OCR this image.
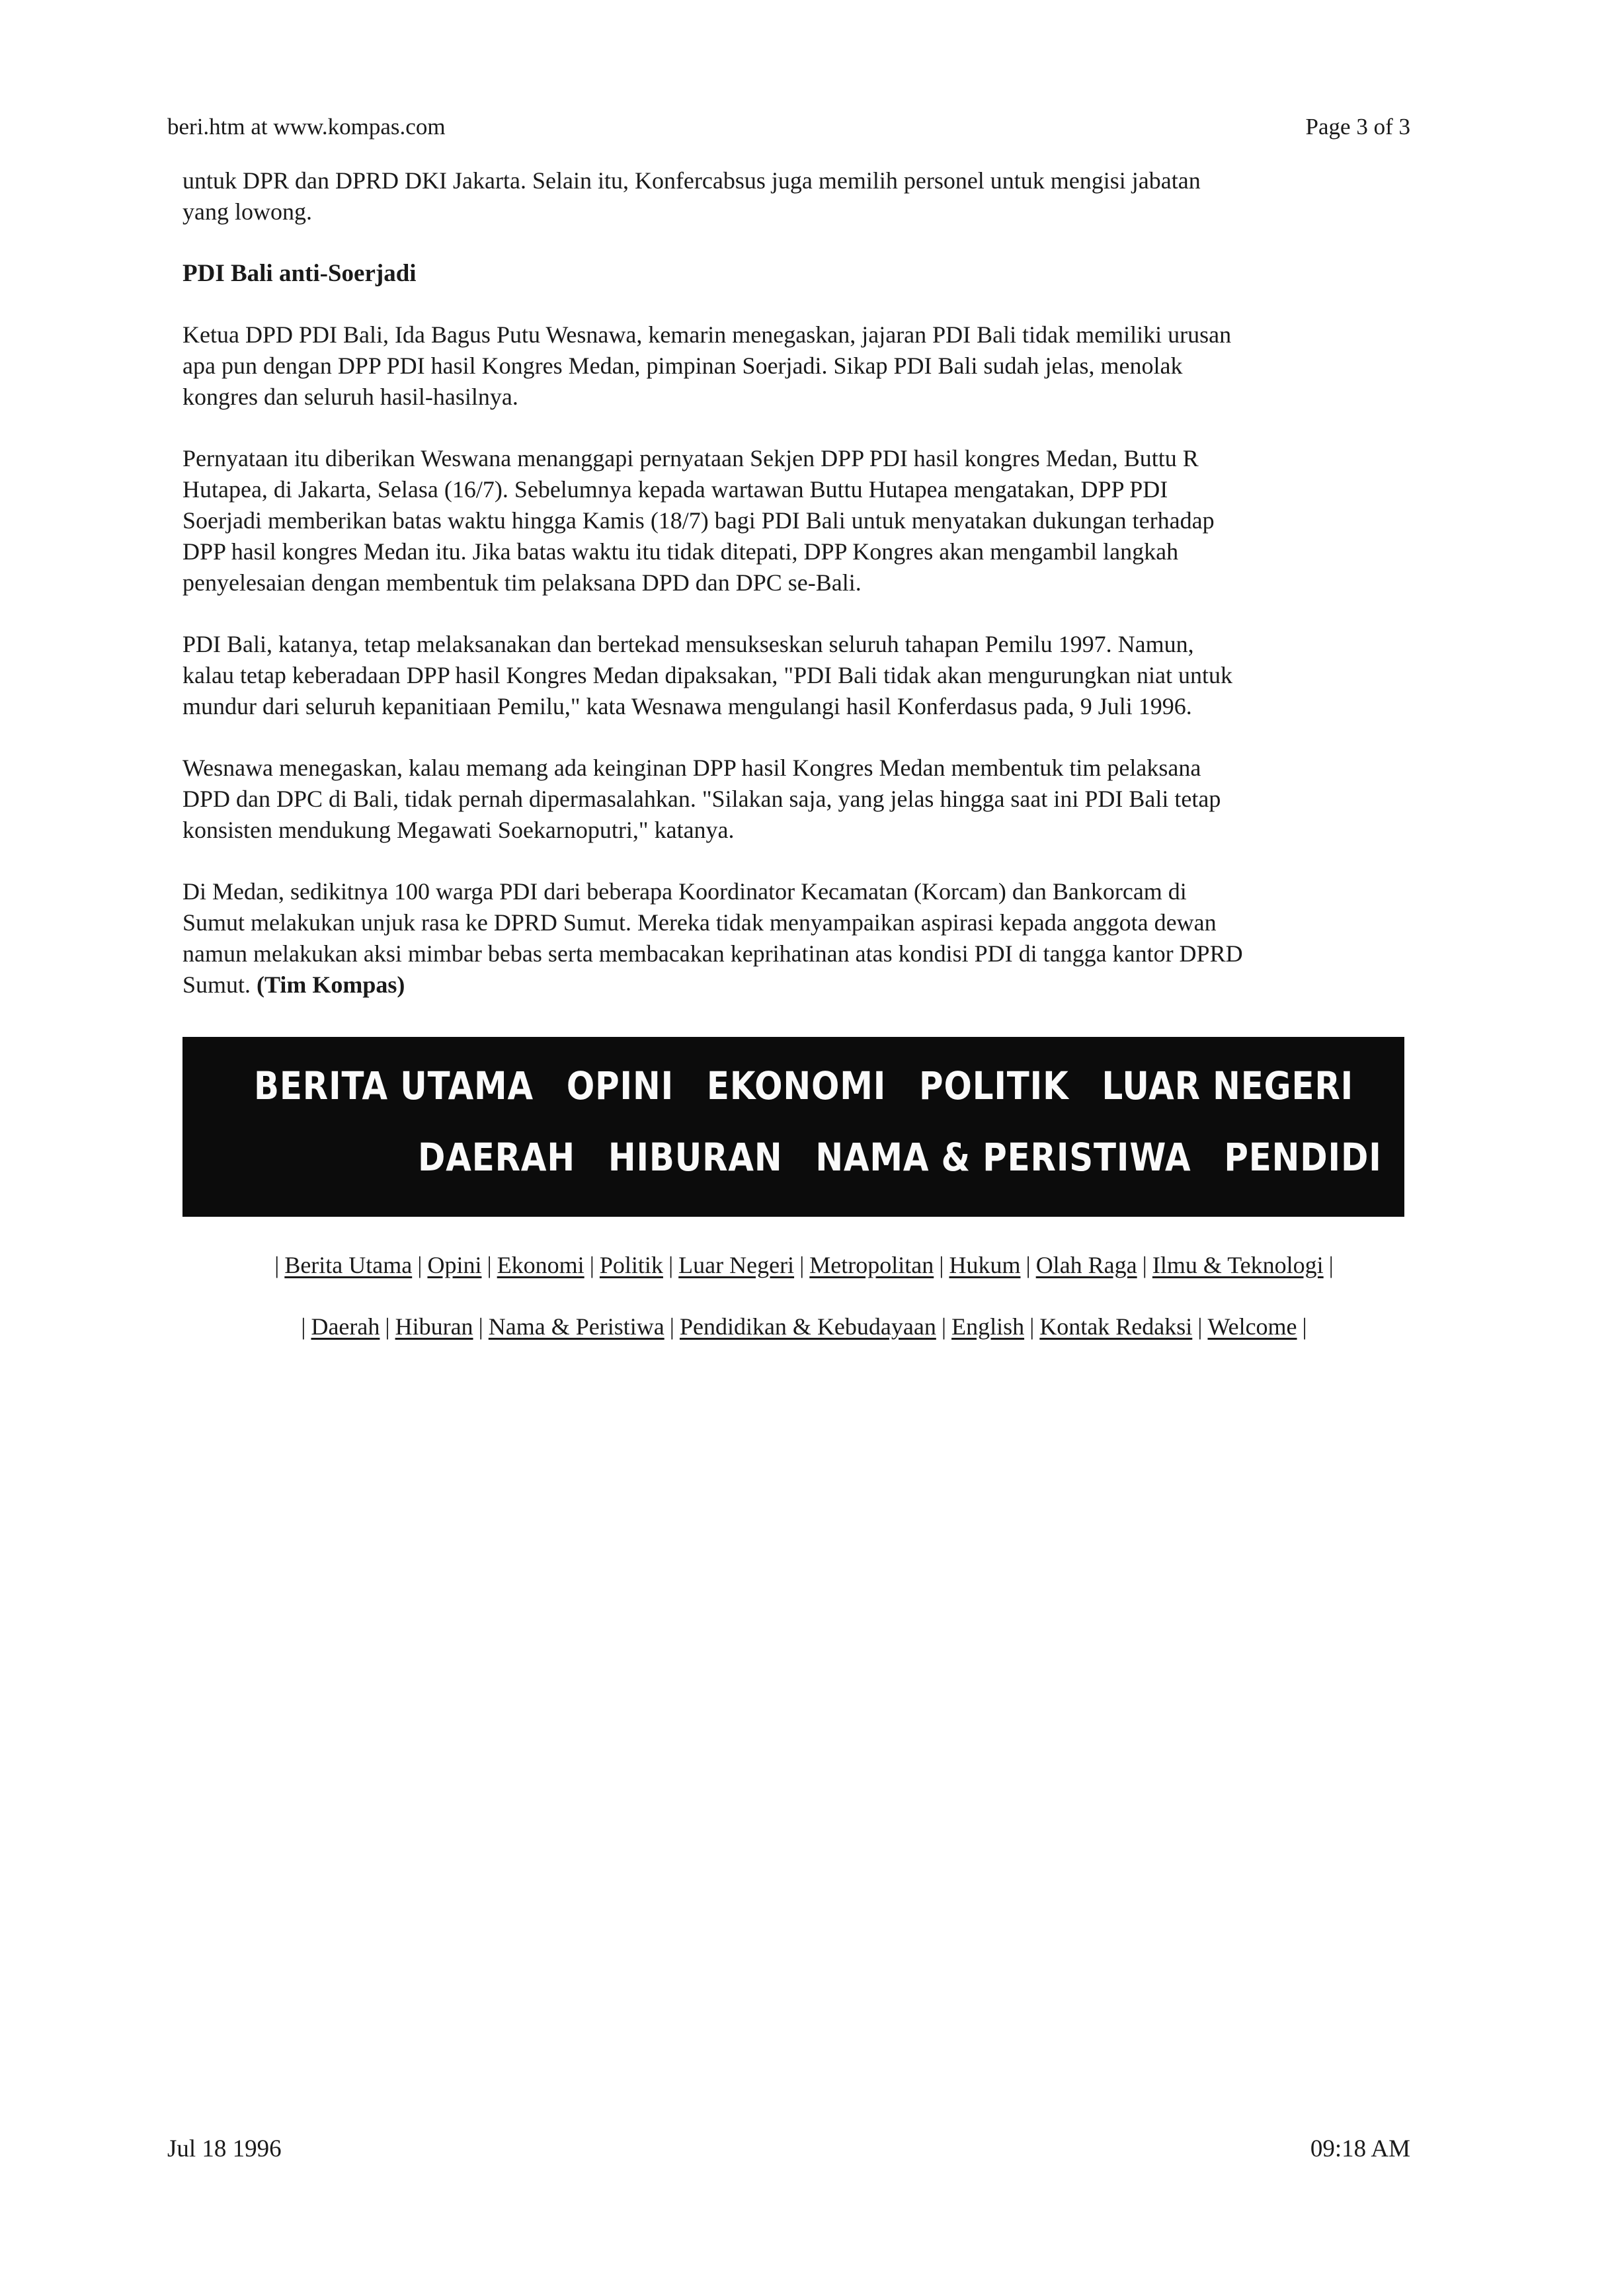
beri.htm at www.kompas.com	Page 3 of 3

untuk DPR dan DPRD DKI Jakarta. Selain itu, Konfercabsus juga memilih personel untuk mengisi jabatan
yang lowong.

PDI Bali anti-Soerjadi

Ketua DPD PDI Bali, Ida Bagus Putu Wesnawa, kemarin menegaskan, jajaran PDI Bali tidak memiliki urusan
apa pun dengan DPP PDI hasil Kongres Medan, pimpinan Soerjadi. Sikap PDI Bali sudah jelas, menolak
kongres dan seluruh hasil-hasilnya.

Pernyataan itu diberikan Weswana menanggapi pernyataan Sekjen DPP PDI hasil kongres Medan, Buttu R
Hutapea, di Jakarta, Selasa (16/7). Sebelumnya kepada wartawan Buttu Hutapea mengatakan, DPP PDI
Soerjadi memberikan batas waktu hingga Kamis (18/7) bagi PDI Bali untuk menyatakan dukungan terhadap
DPP hasil kongres Medan itu. Jika batas waktu itu tidak ditepati, DPP Kongres akan mengambil langkah
penyelesaian dengan membentuk tim pelaksana DPD dan DPC se-Bali.

PDI Bali, katanya, tetap melaksanakan dan bertekad mensukseskan seluruh tahapan Pemilu 1997. Namun,
kalau tetap keberadaan DPP hasil Kongres Medan dipaksakan, "PDI Bali tidak akan mengurungkan niat untuk
mundur dari seluruh kepanitiaan Pemilu," kata Wesnawa mengulangi hasil Konferdasus pada, 9 Juli 1996.

Wesnawa menegaskan, kalau memang ada keinginan DPP hasil Kongres Medan membentuk tim pelaksana
DPD dan DPC di Bali, tidak pernah dipermasalahkan. "Silakan saja, yang jelas hingga saat ini PDI Bali tetap
konsisten mendukung Megawati Soekarnoputri," katanya.

Di Medan, sedikitnya 100 warga PDI dari beberapa Koordinator Kecamatan (Korcam) dan Bankorcam di
Sumut melakukan unjuk rasa ke DPRD Sumut. Mereka tidak menyampaikan aspirasi kepada anggota dewan
namun melakukan aksi mimbar bebas serta membacakan keprihatinan atas kondisi PDI di tangga kantor DPRD
Sumut. (Tim Kompas)

BERITA UTAMA OPINI EKONOMI POLITIK LUAR NEGERI
DAERAH HIBURAN NAMA & PERISTIWA PENDIDI
| Berita Utama | Opini | Ekonomi | Politik | Luar Negeri | Metropolitan | Hukum | Olah Raga | Ilmu & Teknologi |
| Daerah | Hiburan | Nama & Peristiwa | Pendidikan & Kebudayaan | English | Kontak Redaksi | Welcome |
Jul 18 1996	09:18 AM
